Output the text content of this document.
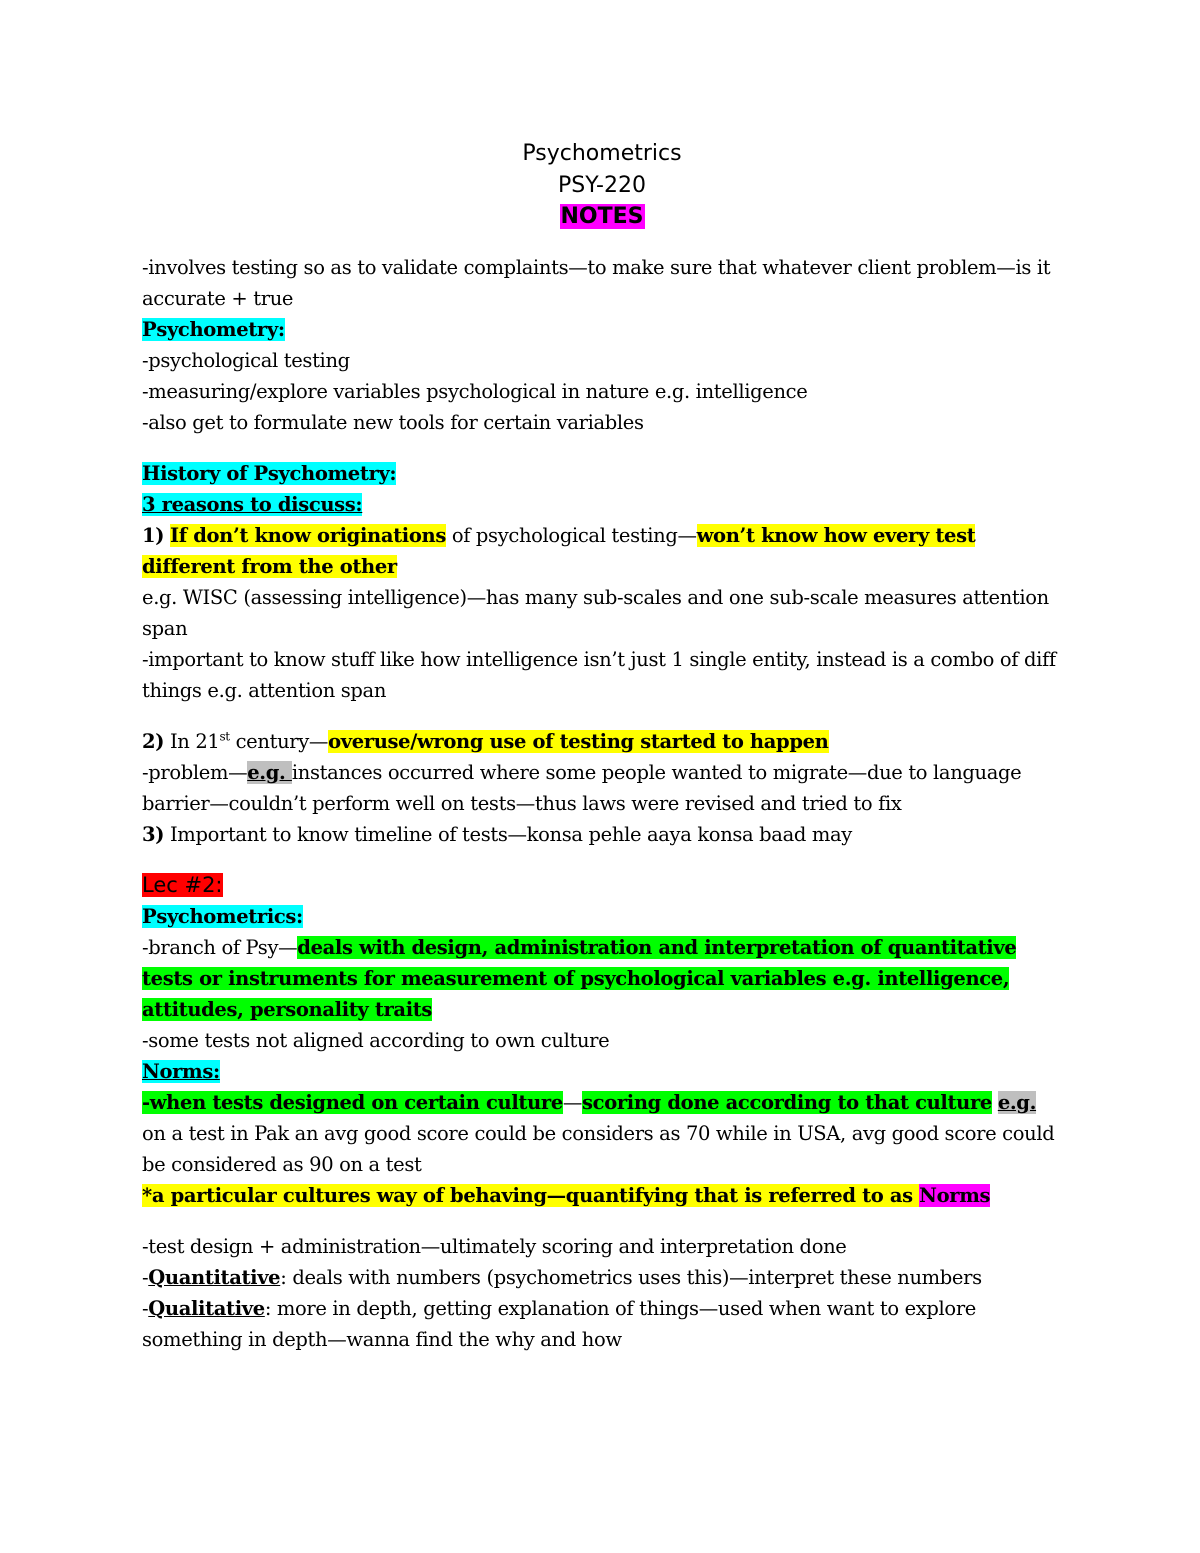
Psychometrics
PSY-220
NOTES

-involves testing so as to validate complaints—to make sure that whatever client problem—is it accurate + true

Psychometry:

-psychological testing

-measuring/explore variables psychological in nature e.g. intelligence

-also get to formulate new tools for certain variables

History of Psychometry:

3 reasons to discuss:

1) If don’t know originations of psychological testing—won’t know how every test different from the other

e.g. WISC (assessing intelligence)—has many sub-scales and one sub-scale measures attention span

-important to know stuff like how intelligence isn’t just 1 single entity, instead is a combo of diff things e.g. attention span

2) In 21st century—overuse/wrong use of testing started to happen

-problem—e.g. instances occurred where some people wanted to migrate—due to language barrier—couldn’t perform well on tests—thus laws were revised and tried to fix

3) Important to know timeline of tests—konsa pehle aaya konsa baad may

Lec #2:

Psychometrics:

-branch of Psy—deals with design, administration and interpretation of quantitative tests or instruments for measurement of psychological variables e.g. intelligence, attitudes, personality traits

-some tests not aligned according to own culture

Norms:

-when tests designed on certain culture—scoring done according to that culture e.g. on a test in Pak an avg good score could be considers as 70 while in USA, avg good score could be considered as 90 on a test

*a particular cultures way of behaving—quantifying that is referred to as Norms

-test design + administration—ultimately scoring and interpretation done

-Quantitative: deals with numbers (psychometrics uses this)—interpret these numbers

-Qualitative: more in depth, getting explanation of things—used when want to explore something in depth—wanna find the why and how
